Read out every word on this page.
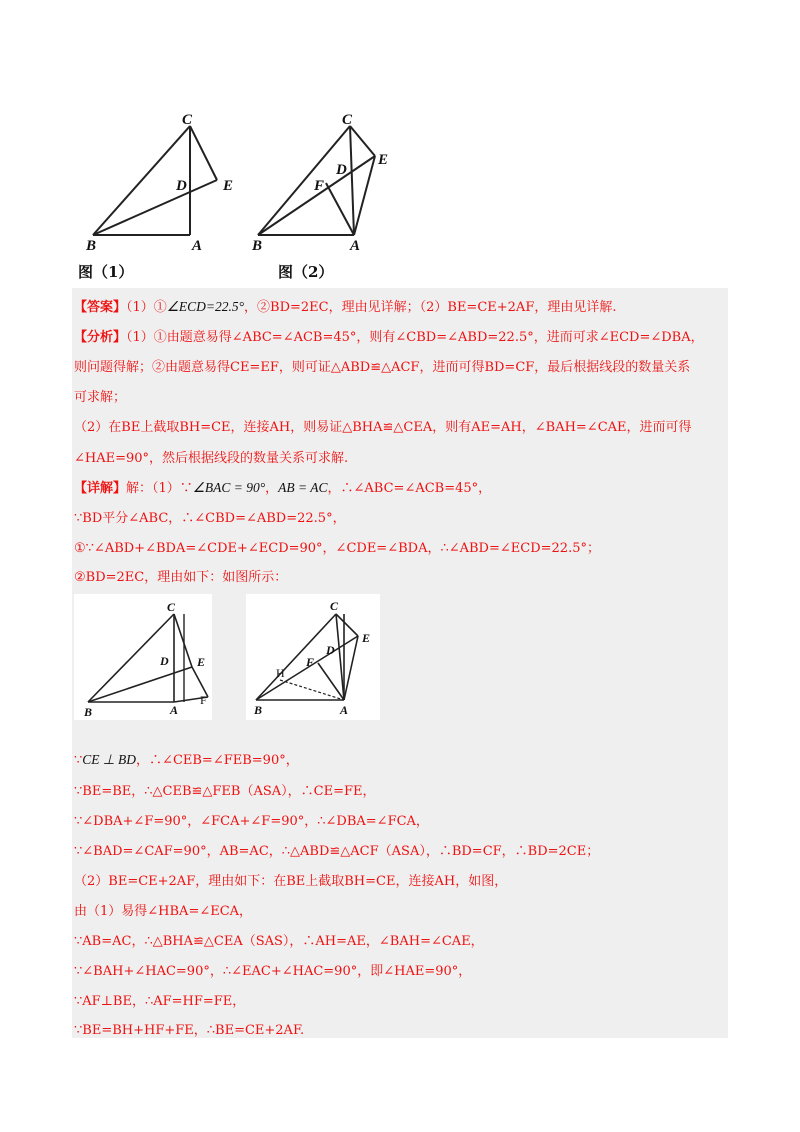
C
D E
B	A
图（1）
C
D
E
F
B	A
图（2）
【答案】（1）①∠ECD=22.5°，②BD=2EC，理由见详解；（2）BE=CE+2AF，理由见详解.
【分析】（1）①由题意易得∠ABC=∠ACB=45°，则有∠CBD=∠ABD=22.5°，进而可求∠ECD=∠DBA，
则问题得解；②由题意易得CE=EF，则可证△ABD≌△ACF，进而可得BD=CF，最后根据线段的数量关系
可求解；
（2）在BE上截取BH=CE，连接AH，则易证△BHA≌△CEA，则有AE=AH，∠BAH=∠CAE，进而可得
∠HAE=90°，然后根据线段的数量关系可求解.
【详解】解：（1）∵∠BAC = 90°，AB = AC，∴∠ABC=∠ACB=45°，
∵BD平分∠ABC，∴∠CBD=∠ABD=22.5°，
①∵∠ABD+∠BDA=∠CDE+∠ECD=90°，∠CDE=∠BDA，∴∠ABD=∠ECD=22.5°；
②BD=2EC，理由如下：如图所示：
C
D E
F
B	A
C
D
E
F
H
B	A
∵CE ⊥ BD，∴∠CEB=∠FEB=90°，
∵BE=BE，∴△CEB≌△FEB（ASA），∴CE=FE，
∵∠DBA+∠F=90°，∠FCA+∠F=90°，∴∠DBA=∠FCA，
∵∠BAD=∠CAF=90°，AB=AC，∴△ABD≌△ACF（ASA），∴BD=CF，∴BD=2CE；
（2）BE=CE+2AF，理由如下：在BE上截取BH=CE，连接AH，如图，
由（1）易得∠HBA=∠ECA，
∵AB=AC，∴△BHA≌△CEA（SAS），∴AH=AE，∠BAH=∠CAE，
∵∠BAH+∠HAC=90°，∴∠EAC+∠HAC=90°，即∠HAE=90°，
∵AF⊥BE，∴AF=HF=FE，
∵BE=BH+HF+FE，∴BE=CE+2AF.
